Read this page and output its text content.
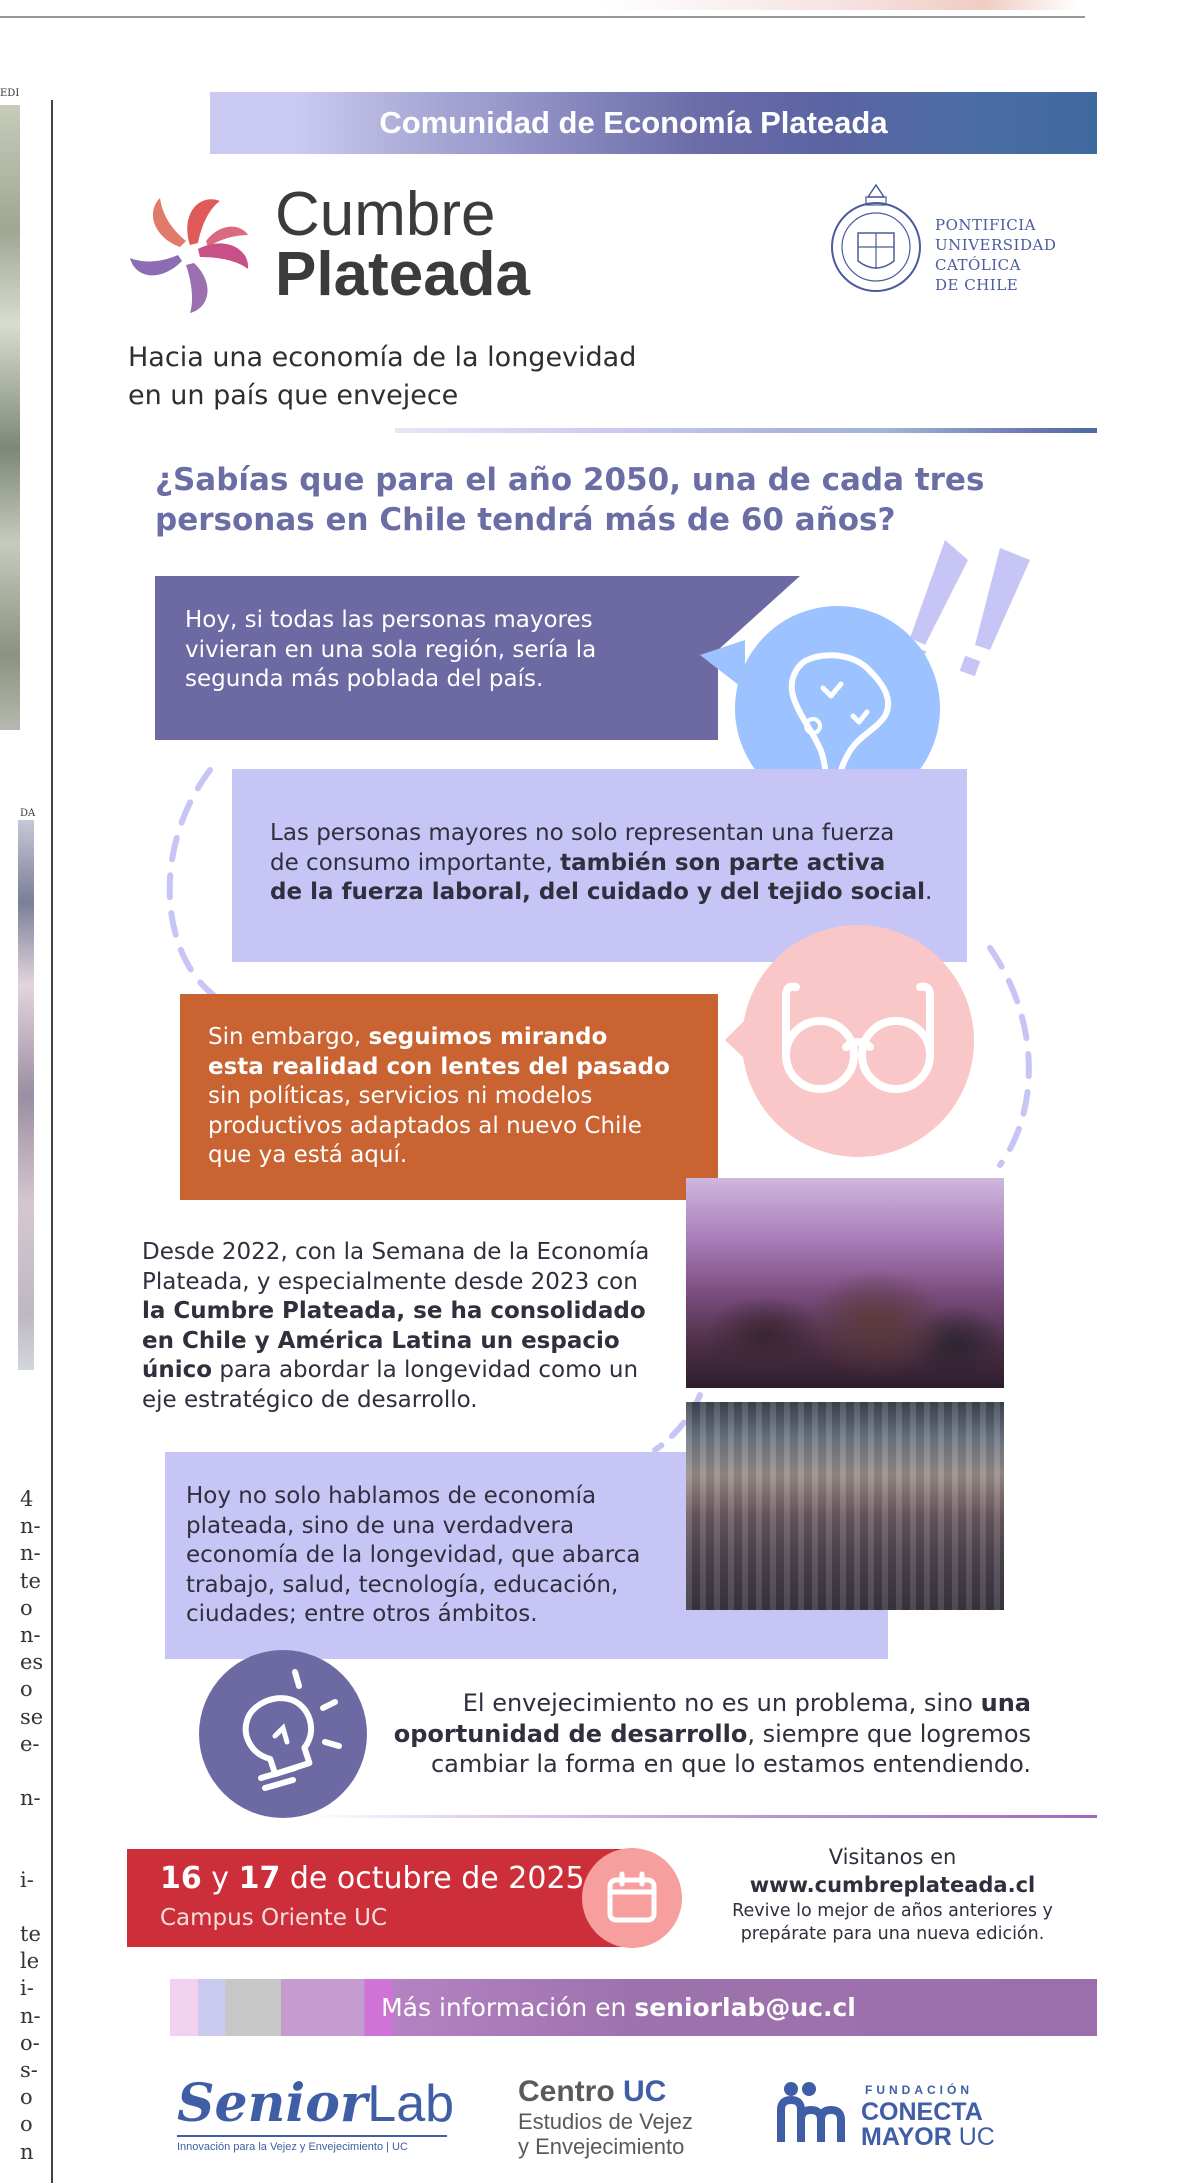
EDI
DA
4
n-
n-
te
o
n-
es
o
se
e-
n-
i-
te
le
i-
n-
o-
s-
o
o
n
Comunidad de Economía Plateada
Cumbre
Plateada
PONTIFICIA
UNIVERSIDAD
CATÓLICA
DE CHILE
Hacia una economía de la longevidad
en un país que envejece
¿Sabías que para el año 2050, una de cada tres
personas en Chile tendrá más de 60 años?
Hoy, si todas las personas mayores
vivieran en una sola región, sería la
segunda más poblada del país.
Las personas mayores no solo representan una fuerza
de consumo importante, también son parte activa
de la fuerza laboral, del cuidado y del tejido social.
Sin embargo, seguimos mirando
esta realidad con lentes del pasado
sin políticas, servicios ni modelos
productivos adaptados al nuevo Chile
que ya está aquí.
Desde 2022, con la Semana de la Economía
Plateada, y especialmente desde 2023 con
la Cumbre Plateada, se ha consolidado
en Chile y América Latina un espacio
único para abordar la longevidad como un
eje estratégico de desarrollo.
Hoy no solo hablamos de economía
plateada, sino de una verdadvera
economía de la longevidad, que abarca
trabajo, salud, tecnología, educación,
ciudades; entre otros ámbitos.
El envejecimiento no es un problema, sino una
oportunidad de desarrollo, siempre que logremos
cambiar la forma en que lo estamos entendiendo.
16 y 17 de octubre de 2025
Campus Oriente UC
Visitanos en
www.cumbreplateada.cl
Revive lo mejor de años anteriores y
prepárate para una nueva edición.
Más información en seniorlab@uc.cl
SeniorLab
Innovación para la Vejez y Envejecimiento | UC
Centro UC
Estudios de Vejez
y Envejecimiento
FUNDACIÓN
CONECTA
MAYOR UC
